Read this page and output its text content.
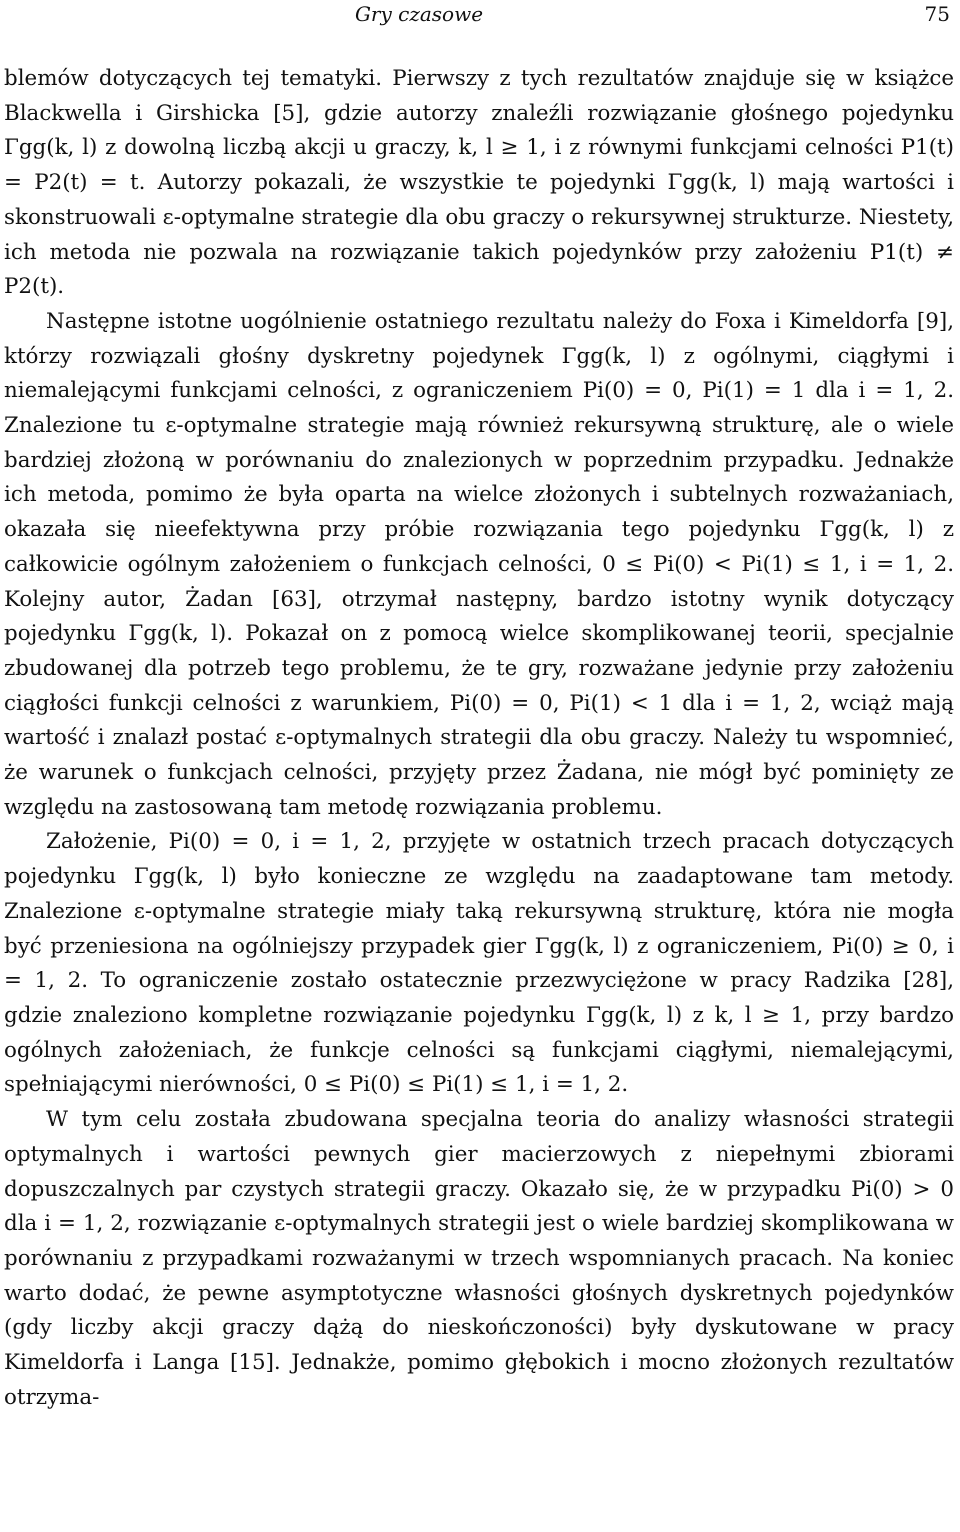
Gry czasowe	75

blemów dotyczących tej tematyki. Pierwszy z tych rezultatów znajduje się w książce Blackwella i Girshicka [5], gdzie autorzy znaleźli rozwiązanie głośnego pojedynku Γgg(k, l) z dowolną liczbą akcji u graczy, k, l ≥ 1, i z równymi funkcjami celności P1(t) = P2(t) = t. Autorzy pokazali, że wszystkie te pojedynki Γgg(k, l) mają wartości i skonstruowali ε-optymalne strategie dla obu graczy o rekursywnej strukturze. Niestety, ich metoda nie pozwala na rozwiązanie takich pojedynków przy założeniu P1(t) ≠ P2(t).

Następne istotne uogólnienie ostatniego rezultatu należy do Foxa i Kimeldorfa [9], którzy rozwiązali głośny dyskretny pojedynek Γgg(k, l) z ogólnymi, ciągłymi i niemalejącymi funkcjami celności, z ograniczeniem Pi(0) = 0, Pi(1) = 1 dla i = 1, 2. Znalezione tu ε-optymalne strategie mają również rekursywną strukturę, ale o wiele bardziej złożoną w porównaniu do znalezionych w poprzednim przypadku. Jednakże ich metoda, pomimo że była oparta na wielce złożonych i subtelnych rozważaniach, okazała się nieefektywna przy próbie rozwiązania tego pojedynku Γgg(k, l) z całkowicie ogólnym założeniem o funkcjach celności, 0 ≤ Pi(0) < Pi(1) ≤ 1, i = 1, 2. Kolejny autor, Żadan [63], otrzymał następny, bardzo istotny wynik dotyczący pojedynku Γgg(k, l). Pokazał on z pomocą wielce skomplikowanej teorii, specjalnie zbudowanej dla potrzeb tego problemu, że te gry, rozważane jedynie przy założeniu ciągłości funkcji celności z warunkiem, Pi(0) = 0, Pi(1) < 1 dla i = 1, 2, wciąż mają wartość i znalazł postać ε-optymalnych strategii dla obu graczy. Należy tu wspomnieć, że warunek o funkcjach celności, przyjęty przez Żadana, nie mógł być pominięty ze względu na zastosowaną tam metodę rozwiązania problemu.

Założenie, Pi(0) = 0, i = 1, 2, przyjęte w ostatnich trzech pracach dotyczących pojedynku Γgg(k, l) było konieczne ze względu na zaadaptowane tam metody. Znalezione ε-optymalne strategie miały taką rekursywną strukturę, która nie mogła być przeniesiona na ogólniejszy przypadek gier Γgg(k, l) z ograniczeniem, Pi(0) ≥ 0, i = 1, 2. To ograniczenie zostało ostatecznie przezwyciężone w pracy Radzika [28], gdzie znaleziono kompletne rozwiązanie pojedynku Γgg(k, l) z k, l ≥ 1, przy bardzo ogólnych założeniach, że funkcje celności są funkcjami ciągłymi, niemalejącymi, spełniającymi nierówności, 0 ≤ Pi(0) ≤ Pi(1) ≤ 1, i = 1, 2.

W tym celu została zbudowana specjalna teoria do analizy własności strategii optymalnych i wartości pewnych gier macierzowych z niepełnymi zbiorami dopuszczalnych par czystych strategii graczy. Okazało się, że w przypadku Pi(0) > 0 dla i = 1, 2, rozwiązanie ε-optymalnych strategii jest o wiele bardziej skomplikowana w porównaniu z przypadkami rozważanymi w trzech wspomnianych pracach. Na koniec warto dodać, że pewne asymptotyczne własności głośnych dyskretnych pojedynków (gdy liczby akcji graczy dążą do nieskończoności) były dyskutowane w pracy Kimeldorfa i Langa [15]. Jednakże, pomimo głębokich i mocno złożonych rezultatów otrzyma-
